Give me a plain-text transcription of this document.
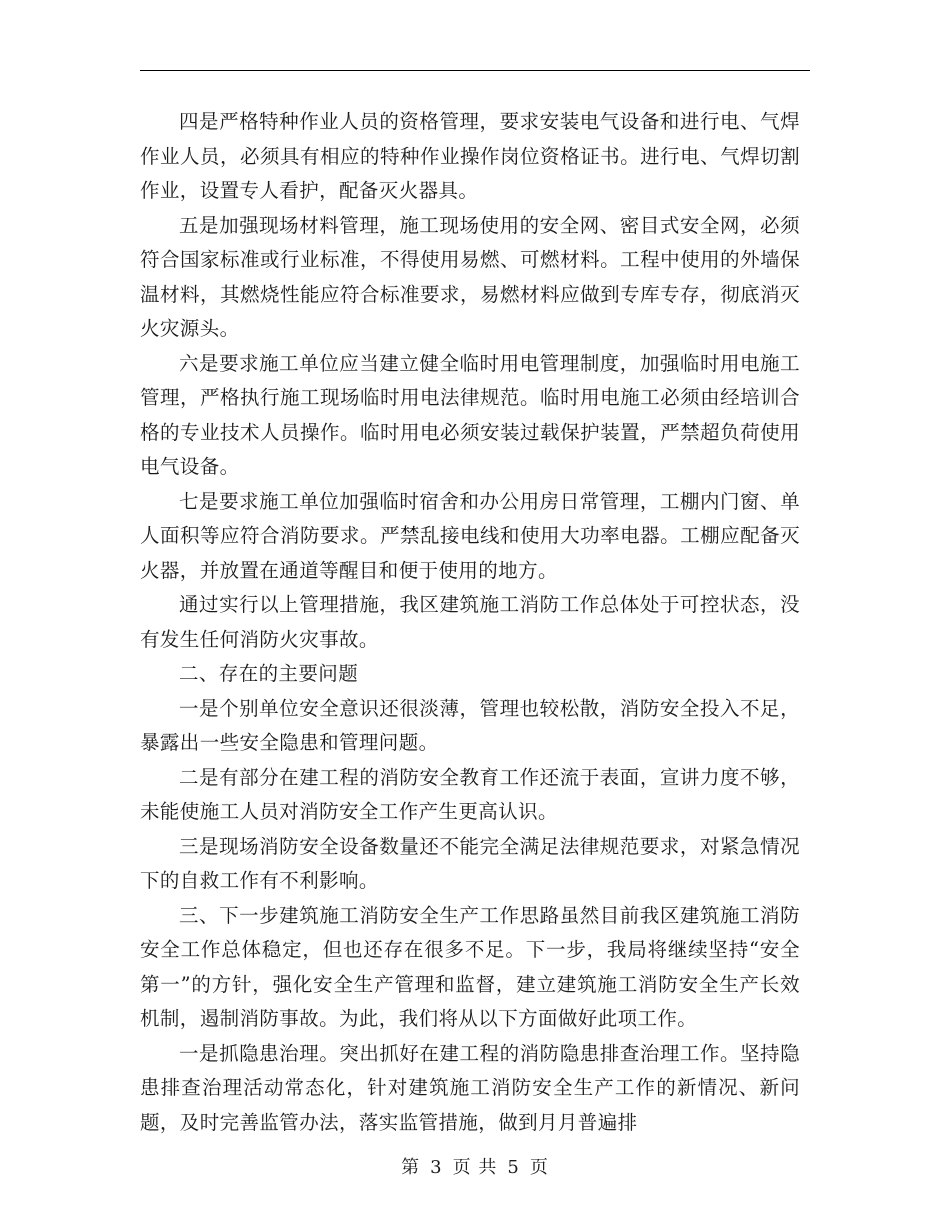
四是严格特种作业人员的资格管理，要求安装电气设备和进行电、气焊作业人员，必须具有相应的特种作业操作岗位资格证书。进行电、气焊切割作业，设置专人看护，配备灭火器具。

五是加强现场材料管理，施工现场使用的安全网、密目式安全网，必须符合国家标准或行业标准，不得使用易燃、可燃材料。工程中使用的外墙保温材料，其燃烧性能应符合标准要求，易燃材料应做到专库专存，彻底消灭火灾源头。

六是要求施工单位应当建立健全临时用电管理制度，加强临时用电施工管理，严格执行施工现场临时用电法律规范。临时用电施工必须由经培训合格的专业技术人员操作。临时用电必须安装过载保护装置，严禁超负荷使用电气设备。

七是要求施工单位加强临时宿舍和办公用房日常管理，工棚内门窗、单人面积等应符合消防要求。严禁乱接电线和使用大功率电器。工棚应配备灭火器，并放置在通道等醒目和便于使用的地方。

通过实行以上管理措施，我区建筑施工消防工作总体处于可控状态，没有发生任何消防火灾事故。

二、存在的主要问题

一是个别单位安全意识还很淡薄，管理也较松散，消防安全投入不足，暴露出一些安全隐患和管理问题。

二是有部分在建工程的消防安全教育工作还流于表面，宣讲力度不够，未能使施工人员对消防安全工作产生更高认识。

三是现场消防安全设备数量还不能完全满足法律规范要求，对紧急情况下的自救工作有不利影响。

三、下一步建筑施工消防安全生产工作思路虽然目前我区建筑施工消防安全工作总体稳定，但也还存在很多不足。下一步，我局将继续坚持“安全第一”的方针，强化安全生产管理和监督，建立建筑施工消防安全生产长效机制，遏制消防事故。为此，我们将从以下方面做好此项工作。

一是抓隐患治理。突出抓好在建工程的消防隐患排查治理工作。坚持隐患排查治理活动常态化，针对建筑施工消防安全生产工作的新情况、新问题，及时完善监管办法，落实监管措施，做到月月普遍排

第 3 页 共 5 页
